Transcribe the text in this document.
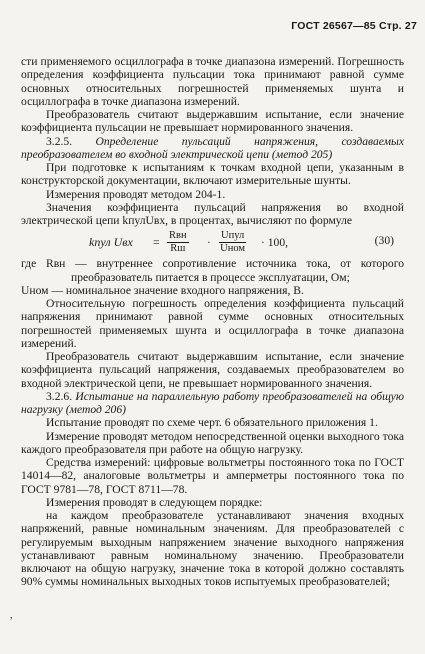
ГОСТ 26567—85 Стр. 27

сти применяемого осциллографа в точке диапазона измерений. Погрешность определения коэффициента пульсации тока принимают равной сумме основных относительных погрешностей применяемых шунта и осциллографа в точке диапазона измерений.

Преобразователь считают выдержавшим испытание, если значение коэффициента пульсации не превышает нормированного значения.

3.2.5. Определение пульсаций напряжения, создаваемых преобразователем во входной электрической цепи (метод 205)

При подготовке к испытаниям к точкам входной цепи, указанным в конструкторской документации, включают измерительные шунты.

Измерения проводят методом 204-1.

Значения коэффициента пульсаций напряжения во входной электрической цепи kпулUвх, в процентах, вычисляют по формуле

kпул Uвх =
Rвн
Rш ·
Uпул
Uном · 100,	(30)

где Rвн — внутреннее сопротивление источника тока, от которого преобразователь питается в процессе эксплуатации, Ом;

Uном — номинальное значение входного напряжения, В.

Относительную погрешность определения коэффициента пульсаций напряжения принимают равной сумме основных относительных погрешностей применяемых шунта и осциллографа в точке диапазона измерений.

Преобразователь считают выдержавшим испытание, если значение коэффициента пульсаций напряжения, создаваемых преобразователем во входной электрической цепи, не превышает нормированного значения.

3.2.6. Испытание на параллельную работу преобразователей на общую нагрузку (метод 206)

Испытание проводят по схеме черт. 6 обязательного приложения 1.

Измерение проводят методом непосредственной оценки выходного тока каждого преобразователя при работе на общую нагрузку.

Средства измерений: цифровые вольтметры постоянного тока по ГОСТ 14014—82, аналоговые вольтметры и амперметры постоянного тока по ГОСТ 9781—78, ГОСТ 8711—78.

Измерения проводят в следующем порядке:

на каждом преобразователе устанавливают значения входных напряжений, равные номинальным значениям. Для преобразователей с регулируемым выходным напряжением значение выходного напряжения устанавливают равным номинальному значению. Преобразователи включают на общую нагрузку, значение тока в которой должно составлять 90% суммы номинальных выходных токов испытуемых преобразователей;

,
